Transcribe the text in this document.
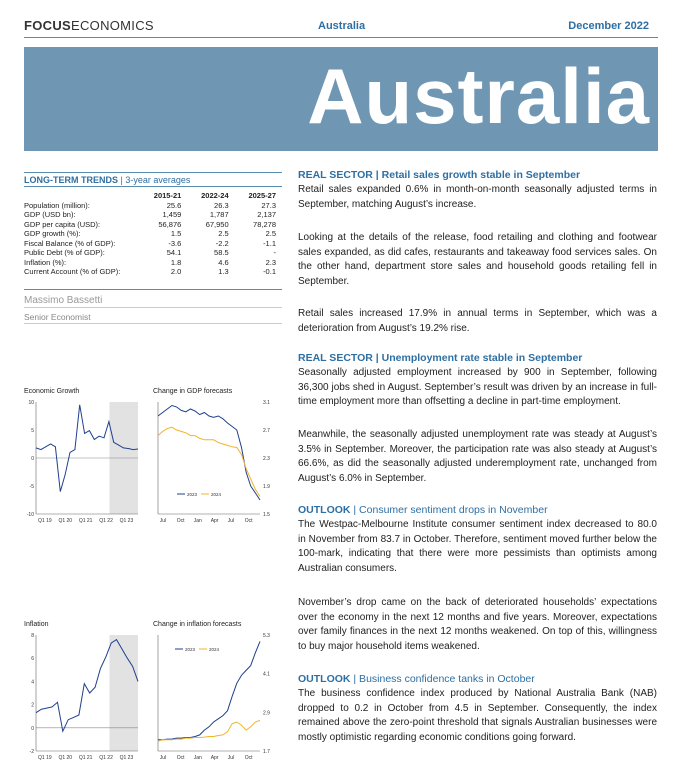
FOCUSECONOMICS	Australia	December 2022
Australia
LONG-TERM TRENDS | 3-year averages
	2015-21	2022-24	2025-27
Population (million):	25.6	26.3	27.3
GDP (USD bn):	1,459	1,787	2,137
GDP per capita (USD):	56,876	67,950	78,278
GDP growth (%):	1.5	2.5	2.5
Fiscal Balance (% of GDP):	-3.6	-2.2	-1.1
Public Debt (% of GDP):	54.1	58.5	-
Inflation (%):	1.8	4.6	2.3
Current Account (% of GDP):	2.0	1.3	-0.1
Massimo Bassetti
Senior Economist
Economic Growth
10
5
0
-5
-10
Q1 19 Q1 20 Q1 21 Q1 22 Q1 23
Change in GDP forecasts
3.1
2.7
2.3
1.9
1.5
Jul Oct Jan Apr Jul Oct
2023	2024
Inflation
8
6
4
2
0
-2
Q1 19 Q1 20 Q1 21 Q1 22 Q1 23
Change in inflation forecasts
5.3
4.1
2.9
1.7
Jul Oct Jan Apr Jul Oct
2023	2024
REAL SECTOR | Retail sales growth stable in September
Retail sales expanded 0.6% in month-on-month seasonally adjusted terms in September, matching August’s increase.
Looking at the details of the release, food retailing and clothing and footwear sales expanded, as did cafes, restaurants and takeaway food services sales. On the other hand, department store sales and household goods retailing fell in September.
Retail sales increased 17.9% in annual terms in September, which was a deterioration from August’s 19.2% rise.
REAL SECTOR | Unemployment rate stable in September
Seasonally adjusted employment increased by 900 in September, following 36,300 jobs shed in August. September’s result was driven by an increase in full-time employment more than offsetting a decline in part-time employment.
Meanwhile, the seasonally adjusted unemployment rate was steady at August’s 3.5% in September. Moreover, the participation rate was also steady at August’s 66.6%, as did the seasonally adjusted underemployment rate, unchanged from August’s 6.0% in September.
OUTLOOK | Consumer sentiment drops in November
The Westpac-Melbourne Institute consumer sentiment index decreased to 80.0 in November from 83.7 in October. Therefore, sentiment moved further below the 100-mark, indicating that there were more pessimists than optimists among Australian consumers.
November’s drop came on the back of deteriorated households’ expectations over the economy in the next 12 months and five years. Moreover, expectations over family finances in the next 12 months weakened. On top of this, willingness to buy major household items weakened.
OUTLOOK | Business confidence tanks in October
The business confidence index produced by National Australia Bank (NAB) dropped to 0.2 in October from 4.5 in September. Consequently, the index remained above the zero-point threshold that signals Australian businesses were mostly optimistic regarding economic conditions going forward.
